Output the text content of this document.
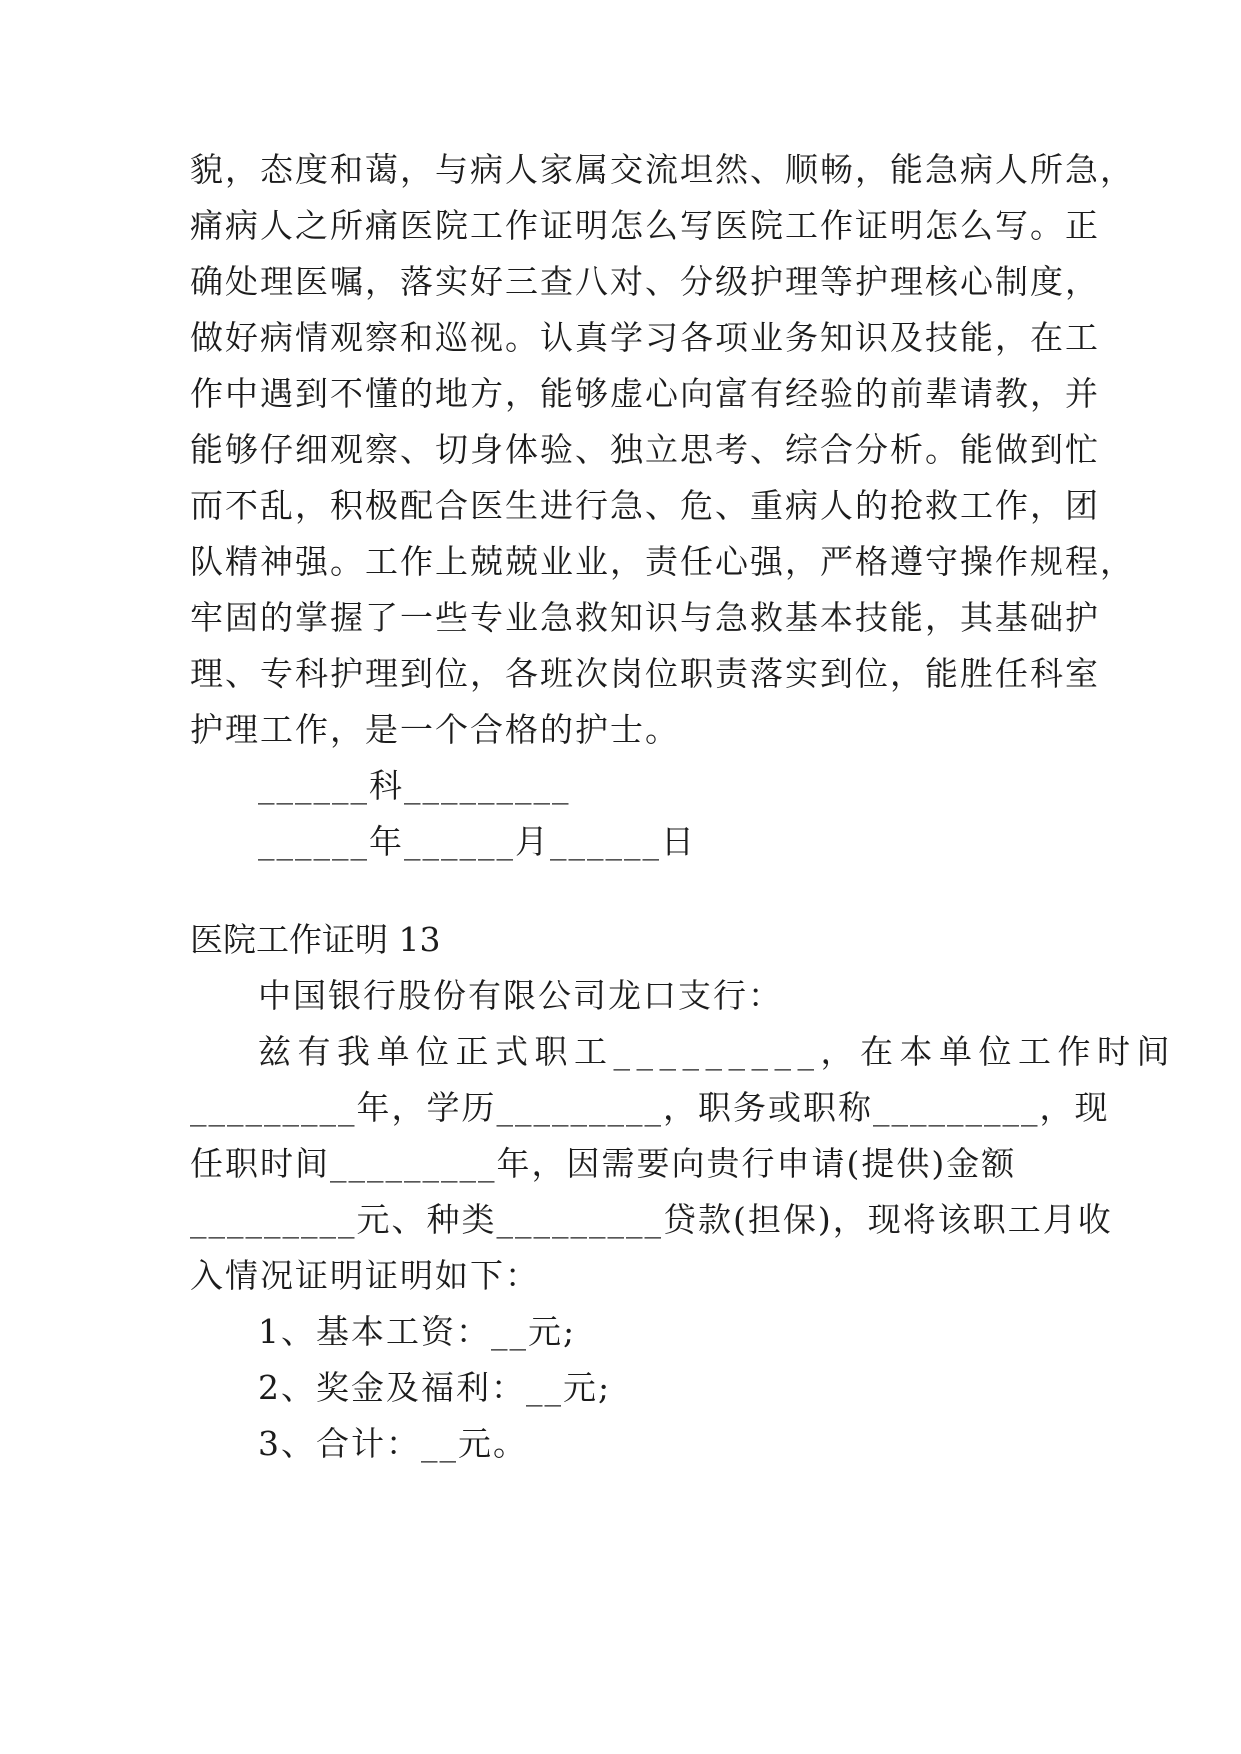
貌，态度和蔼，与病人家属交流坦然、顺畅，能急病人所急，
痛病人之所痛医院工作证明怎么写医院工作证明怎么写。正
确处理医嘱，落实好三查八对、分级护理等护理核心制度，
做好病情观察和巡视。认真学习各项业务知识及技能，在工
作中遇到不懂的地方，能够虚心向富有经验的前辈请教，并
能够仔细观察、切身体验、独立思考、综合分析。能做到忙
而不乱，积极配合医生进行急、危、重病人的抢救工作，团
队精神强。工作上兢兢业业，责任心强，严格遵守操作规程，
牢固的掌握了一些专业急救知识与急救基本技能，其基础护
理、专科护理到位，各班次岗位职责落实到位，能胜任科室
护理工作，是一个合格的护士。
______科_________
______年______月______日
医院工作证明 13
中国银行股份有限公司龙口支行：
兹有我单位正式职工_________，在本单位工作时间
_________年，学历_________，职务或职称_________，现
任职时间_________年，因需要向贵行申请(提供)金额
_________元、种类_________贷款(担保)，现将该职工月收
入情况证明证明如下：
1、基本工资：__元;
2、奖金及福利：__元;
3、合计：__元。
